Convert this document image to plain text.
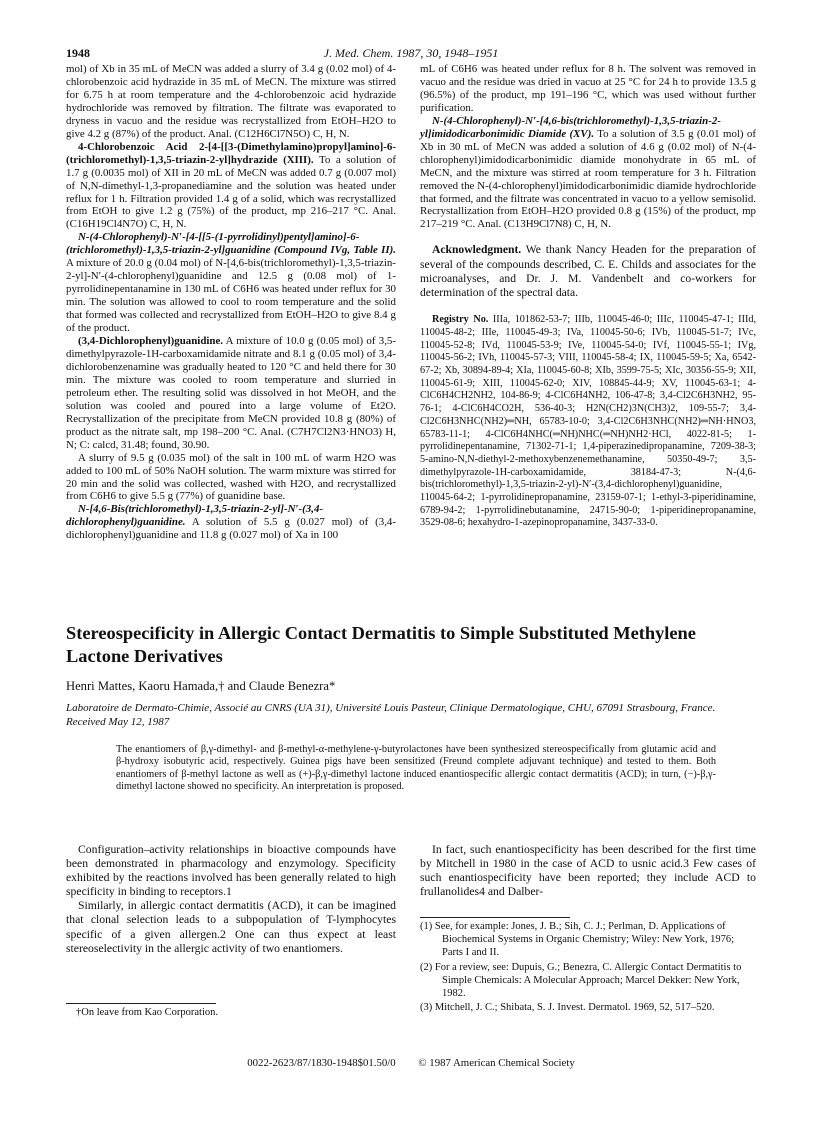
1948	J. Med. Chem. 1987, 30, 1948–1951

mol) of Xb in 35 mL of MeCN was added a slurry of 3.4 g (0.02 mol) of 4-chlorobenzoic acid hydrazide in 35 mL of MeCN. The mixture was stirred for 6.75 h at room temperature and the 4-chlorobenzoic acid hydrazide hydrochloride was removed by filtration. The filtrate was evaporated to dryness in vacuo and the residue was recrystallized from EtOH–H2O to give 4.2 g (87%) of the product. Anal. (C12H6Cl7N5O) C, H, N.

4-Chlorobenzoic Acid 2-[4-[[3-(Dimethylamino)propyl]amino]-6-(trichloromethyl)-1,3,5-triazin-2-yl]hydrazide (XIII). To a solution of 1.7 g (0.0035 mol) of XII in 20 mL of MeCN was added 0.7 g (0.007 mol) of N,N-dimethyl-1,3-propanediamine and the solution was heated under reflux for 1 h. Filtration provided 1.4 g of a solid, which was recrystallized from EtOH to give 1.2 g (75%) of the product, mp 216–217 °C. Anal. (C16H19Cl4N7O) C, H, N.

N-(4-Chlorophenyl)-N′-[4-[[5-(1-pyrrolidinyl)pentyl]amino]-6-(trichloromethyl)-1,3,5-triazin-2-yl]guanidine (Compound IVg, Table II). A mixture of 20.0 g (0.04 mol) of N-[4,6-bis(trichloromethyl)-1,3,5-triazin-2-yl]-N′-(4-chlorophenyl)guanidine and 12.5 g (0.08 mol) of 1-pyrrolidinepentanamine in 130 mL of C6H6 was heated under reflux for 30 min. The solution was allowed to cool to room temperature and the solid that formed was collected and recrystallized from EtOH–H2O to give 8.4 g of the product.

(3,4-Dichlorophenyl)guanidine. A mixture of 10.0 g (0.05 mol) of 3,5-dimethylpyrazole-1H-carboxamidamide nitrate and 8.1 g (0.05 mol) of 3,4-dichlorobenzenamine was gradually heated to 120 °C and held there for 30 min. The mixture was cooled to room temperature and slurried in petroleum ether. The resulting solid was dissolved in hot MeOH, and the solution was cooled and poured into a large volume of Et2O. Recrystallization of the precipitate from MeCN provided 10.8 g (80%) of product as the nitrate salt, mp 198–200 °C. Anal. (C7H7Cl2N3·HNO3) H, N; C: calcd, 31.48; found, 30.90.

A slurry of 9.5 g (0.035 mol) of the salt in 100 mL of warm H2O was added to 100 mL of 50% NaOH solution. The warm mixture was stirred for 20 min and the solid was collected, washed with H2O, and recrystallized from C6H6 to give 5.5 g (77%) of guanidine base.

N-[4,6-Bis(trichloromethyl)-1,3,5-triazin-2-yl]-N′-(3,4-dichlorophenyl)guanidine. A solution of 5.5 g (0.027 mol) of (3,4-dichlorophenyl)guanidine and 11.8 g (0.027 mol) of Xa in 100

mL of C6H6 was heated under reflux for 8 h. The solvent was removed in vacuo and the residue was dried in vacuo at 25 °C for 24 h to provide 13.5 g (96.5%) of the product, mp 191–196 °C, which was used without further purification.

N-(4-Chlorophenyl)-N′-[4,6-bis(trichloromethyl)-1,3,5-triazin-2-yl]imidodicarbonimidic Diamide (XV). To a solution of 3.5 g (0.01 mol) of Xb in 30 mL of MeCN was added a solution of 4.6 g (0.02 mol) of N-(4-chlorophenyl)imidodicarbonimidic diamide monohydrate in 65 mL of MeCN, and the mixture was stirred at room temperature for 3 h. Filtration removed the N-(4-chlorophenyl)imidodicarbonimidic diamide hydrochloride that formed, and the filtrate was concentrated in vacuo to a yellow semisolid. Recrystallization from EtOH–H2O provided 0.8 g (15%) of the product, mp 217–219 °C. Anal. (C13H9Cl7N8) C, H, N.

Acknowledgment. We thank Nancy Headen for the preparation of several of the compounds described, C. E. Childs and associates for the microanalyses, and Dr. J. M. Vandenbelt and co-workers for determination of the spectral data.

Registry No. IIIa, 101862-53-7; IIIb, 110045-46-0; IIIc, 110045-47-1; IIId, 110045-48-2; IIIe, 110045-49-3; IVa, 110045-50-6; IVb, 110045-51-7; IVc, 110045-52-8; IVd, 110045-53-9; IVe, 110045-54-0; IVf, 110045-55-1; IVg, 110045-56-2; IVh, 110045-57-3; VIII, 110045-58-4; IX, 110045-59-5; Xa, 6542-67-2; Xb, 30894-89-4; XIa, 110045-60-8; XIb, 3599-75-5; XIc, 30356-55-9; XII, 110045-61-9; XIII, 110045-62-0; XIV, 108845-44-9; XV, 110045-63-1; 4-ClC6H4CH2NH2, 104-86-9; 4-ClC6H4NH2, 106-47-8; 3,4-Cl2C6H3NH2, 95-76-1; 4-ClC6H4CO2H, 536-40-3; H2N(CH2)3N(CH3)2, 109-55-7; 3,4-Cl2C6H3NHC(NH2)═NH, 65783-10-0; 3,4-Cl2C6H3NHC(NH2)═NH·HNO3, 65783-11-1; 4-ClC6H4NHC(═NH)NHC(═NH)NH2·HCl, 4022-81-5; 1-pyrrolidinepentanamine, 71302-71-1; 1,4-piperazinedipropanamine, 7209-38-3; 5-amino-N,N-diethyl-2-methoxybenzenemethanamine, 50350-49-7; 3,5-dimethylpyrazole-1H-carboxamidamide, 38184-47-3; N-(4,6-bis(trichloromethyl)-1,3,5-triazin-2-yl)-N′-(3,4-dichlorophenyl)guanidine, 110045-64-2; 1-pyrrolidinepropanamine, 23159-07-1; 1-ethyl-3-piperidinamine, 6789-94-2; 1-pyrrolidinebutanamine, 24715-90-0; 1-piperidinepropanamine, 3529-08-6; hexahydro-1-azepinopropanamine, 3437-33-0.

Stereospecificity in Allergic Contact Dermatitis to Simple Substituted Methylene Lactone Derivatives
Henri Mattes, Kaoru Hamada,† and Claude Benezra*
Laboratoire de Dermato-Chimie, Associé au CNRS (UA 31), Université Louis Pasteur, Clinique Dermatologique, CHU, 67091 Strasbourg, France. Received May 12, 1987

The enantiomers of β,γ-dimethyl- and β-methyl-α-methylene-γ-butyrolactones have been synthesized stereospecifically from glutamic acid and β-hydroxy isobutyric acid, respectively. Guinea pigs have been sensitized (Freund complete adjuvant technique) and tested to them. Both enantiomers of β-methyl lactone as well as (+)-β,γ-dimethyl lactone induced enantiospecific allergic contact dermatitis (ACD); in turn, (−)-β,γ-dimethyl lactone showed no specificity. An interpretation is proposed.

Configuration–activity relationships in bioactive compounds have been demonstrated in pharmacology and enzymology. Specificity exhibited by the reactions involved has been generally related to high specificity in binding to receptors.1

Similarly, in allergic contact dermatitis (ACD), it can be imagined that clonal selection leads to a subpopulation of T-lymphocytes specific of a given allergen.2 One can thus expect at least stereoselectivity in the allergic activity of two enantiomers.

In fact, such enantiospecificity has been described for the first time by Mitchell in 1980 in the case of ACD to usnic acid.3 Few cases of such enantiospecificity have been reported; they include ACD to frullanolides4 and Dalber-

†On leave from Kao Corporation.

(1) See, for example: Jones, J. B.; Sih, C. J.; Perlman, D. Applications of Biochemical Systems in Organic Chemistry; Wiley: New York, 1976; Parts I and II.

(2) For a review, see: Dupuis, G.; Benezra, C. Allergic Contact Dermatitis to Simple Chemicals: A Molecular Approach; Marcel Dekker: New York, 1982.

(3) Mitchell, J. C.; Shibata, S. J. Invest. Dermatol. 1969, 52, 517–520.

0022-2623/87/1830-1948$01.50/0 © 1987 American Chemical Society
